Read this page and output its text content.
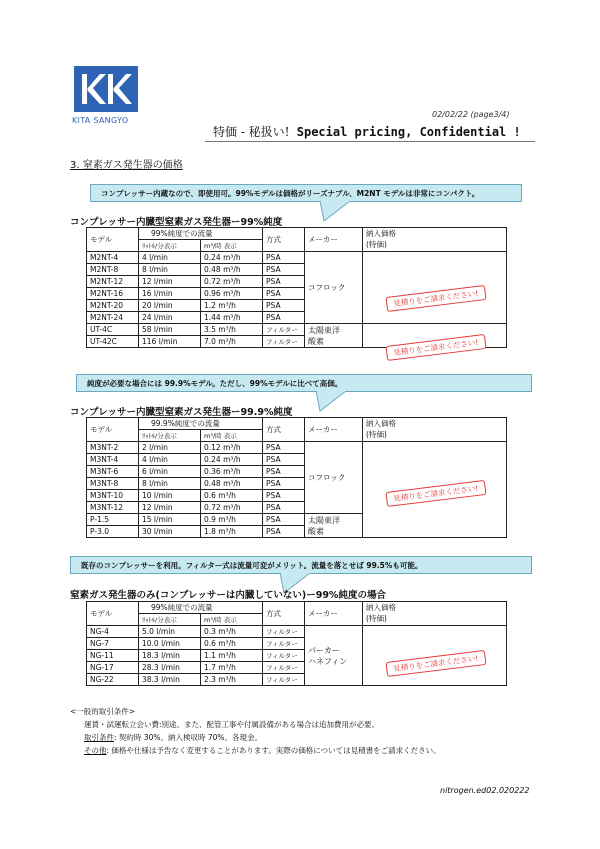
KITA SANGYO
02/02/22 (page3/4)
特価 - 秘扱い! Special pricing, Confidential !
3. 窒素ガス発生器の価格
コンプレッサー内蔵なので、即使用可。99%モデルは価格がリーズナブル、M2NT モデルは非常にコンパクト。
コンプレッサー内臓型窒素ガス発生器ー99%純度
モデル	99%純度での流量		方式	メーカー	納入価格
(特価)

	ﾘｯﾄﾙ/分表示	m³/時 表示			
M2NT-4	4 l/min	0.24 m³/h	PSA	コフロック	
M2NT-8	8 l/min	0.48 m³/h	PSA		
M2NT-12	12 l/min	0.72 m³/h	PSA		
M2NT-16	16 l/min	0.96 m³/h	PSA		
M2NT-20	20 l/min	1.2 m³/h	PSA		
M2NT-24	24 l/min	1.44 m³/h	PSA		
UT-4C	58 l/min	3.5 m³/h	フィルター	太陽東洋
酸素	

UT-42C	116 l/min	7.0 m³/h	フィルター		
見積りをご請求ください!
見積りをご請求ください!
純度が必要な場合には 99.9%モデル。ただし、99%モデルに比べて高価。
コンプレッサー内臓型窒素ガス発生器ー99.9%純度
モデル	99.9%純度での流量		方式	メーカー	納入価格
(特価)

	ﾘｯﾄﾙ/分表示	m³/時 表示			
M3NT-2	2 l/min	0.12 m³/h	PSA	コフロック	
M3NT-4	4 l/min	0.24 m³/h	PSA		
M3NT-6	6 l/min	0.36 m³/h	PSA		
M3NT-8	8 l/min	0.48 m³/h	PSA		
M3NT-10	10 l/min	0.6 m³/h	PSA		
M3NT-12	12 l/min	0.72 m³/h	PSA		
P-1.5	15 l/min	0.9 m³/h	PSA	太陽東洋
酸素	

P-3.0	30 l/min	1.8 m³/h	PSA		
見積りをご請求ください!
既存のコンプレッサーを利用。フィルター式は流量可変がメリット。流量を落とせば 99.5%も可能。
窒素ガス発生器のみ(コンプレッサーは内臓していない)ー99%純度の場合
モデル	99%純度での流量		方式	メーカー	納入価格
(特価)

	ﾘｯﾄﾙ/分表示	m³/時 表示			
NG-4	5.0 l/min	0.3 m³/h	フィルター	パーカー
ハネフィン	

NG-7	10.0 l/min	0.6 m³/h	フィルター		
NG-11	18.3 l/min	1.1 m³/h	フィルター		
NG-17	28.3 l/min	1.7 m³/h	フィルター		
NG-22	38.3 l/min	2.3 m³/h	フィルター		
見積りをご請求ください!
<一般的取引条件>
運賃・試運転立会い費:別途。また、配管工事や付属設備がある場合は追加費用が必要。
取引条件: 契約時 30%、納入検収時 70%、各現金。
その他: 価格や仕様は予告なく変更することがあります。実際の価格については見積書をご請求ください。
nitrogen.ed02.020222
